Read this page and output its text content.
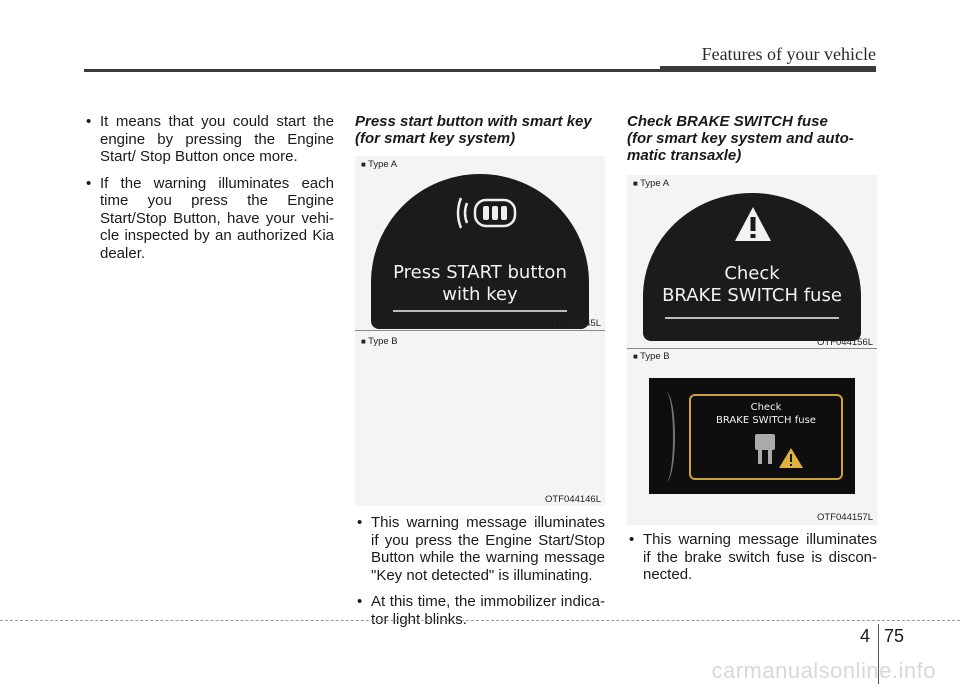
Features of your vehicle

• It means that you could start the engine by pressing the Engine Start/ Stop Button once more.

• If the warning illuminates each time you press the Engine Start/Stop Button, have your vehi-cle inspected by an authorized Kia dealer.

Press start button with smart key

(for smart key system)

■ Type A
Press START button
with key
OTF044145L
■ Type B
OTF044146L

• This warning message illuminates if you press the Engine Start/Stop Button while the warning message "Key not detected" is illuminating.

• At this time, the immobilizer indica-tor light blinks.

Check BRAKE SWITCH fuse

(for smart key system and auto-

matic transaxle)

■ Type A
Check
BRAKE SWITCH fuse
OTF044156L
■ Type B
Check
BRAKE SWITCH fuse
OTF044157L

• This warning message illuminates if the brake switch fuse is discon-nected.

4 75
carmanualsonline.info
